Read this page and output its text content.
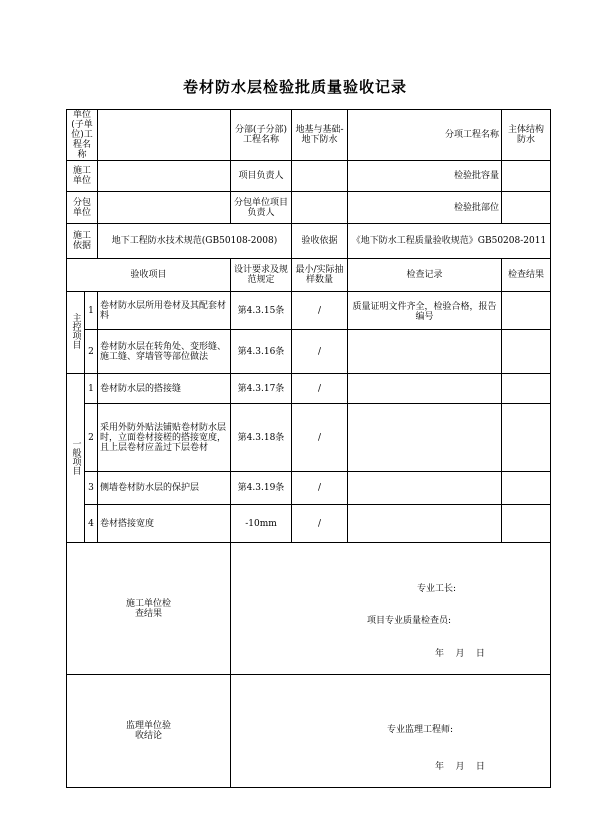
卷材防水层检验批质量验收记录
单位(子单位)工程名称			分部(子分部)工程名称	地基与基础-地下防水	分项工程名称	主体结构防水
施工单位			项目负责人		检验批容量	
分包单位			分包单位项目负责人		检验批部位	
施工依据		地下工程防水技术规范(GB50108-2008)		验收依据	《地下防水工程质量验收规范》GB50208-2011	
验收项目			设计要求及规范规定	最小/实际抽样数量	检查记录	检查结果
主控项目	1	卷材防水层所用卷材及其配套材料	第4.3.15条	/	质量证明文件齐全，检验合格，报告编号	
	2	卷材防水层在转角处、变形缝、施工缝、穿墙管等部位做法	第4.3.16条	/		
一般项目	1	卷材防水层的搭接缝	第4.3.17条	/		
	2	采用外防外贴法铺贴卷材防水层时，立面卷材接槎的搭接宽度，且上层卷材应盖过下层卷材	第4.3.18条	/		
	3	侧墙卷材防水层的保护层	第4.3.19条	/		
	4	卷材搭接宽度	-10mm	/		
施工单位检查结果			专业工长:
项目专业质量检查员:
年    月    日			

监理单位验收结论			专业监理工程师:
年    月    日			
